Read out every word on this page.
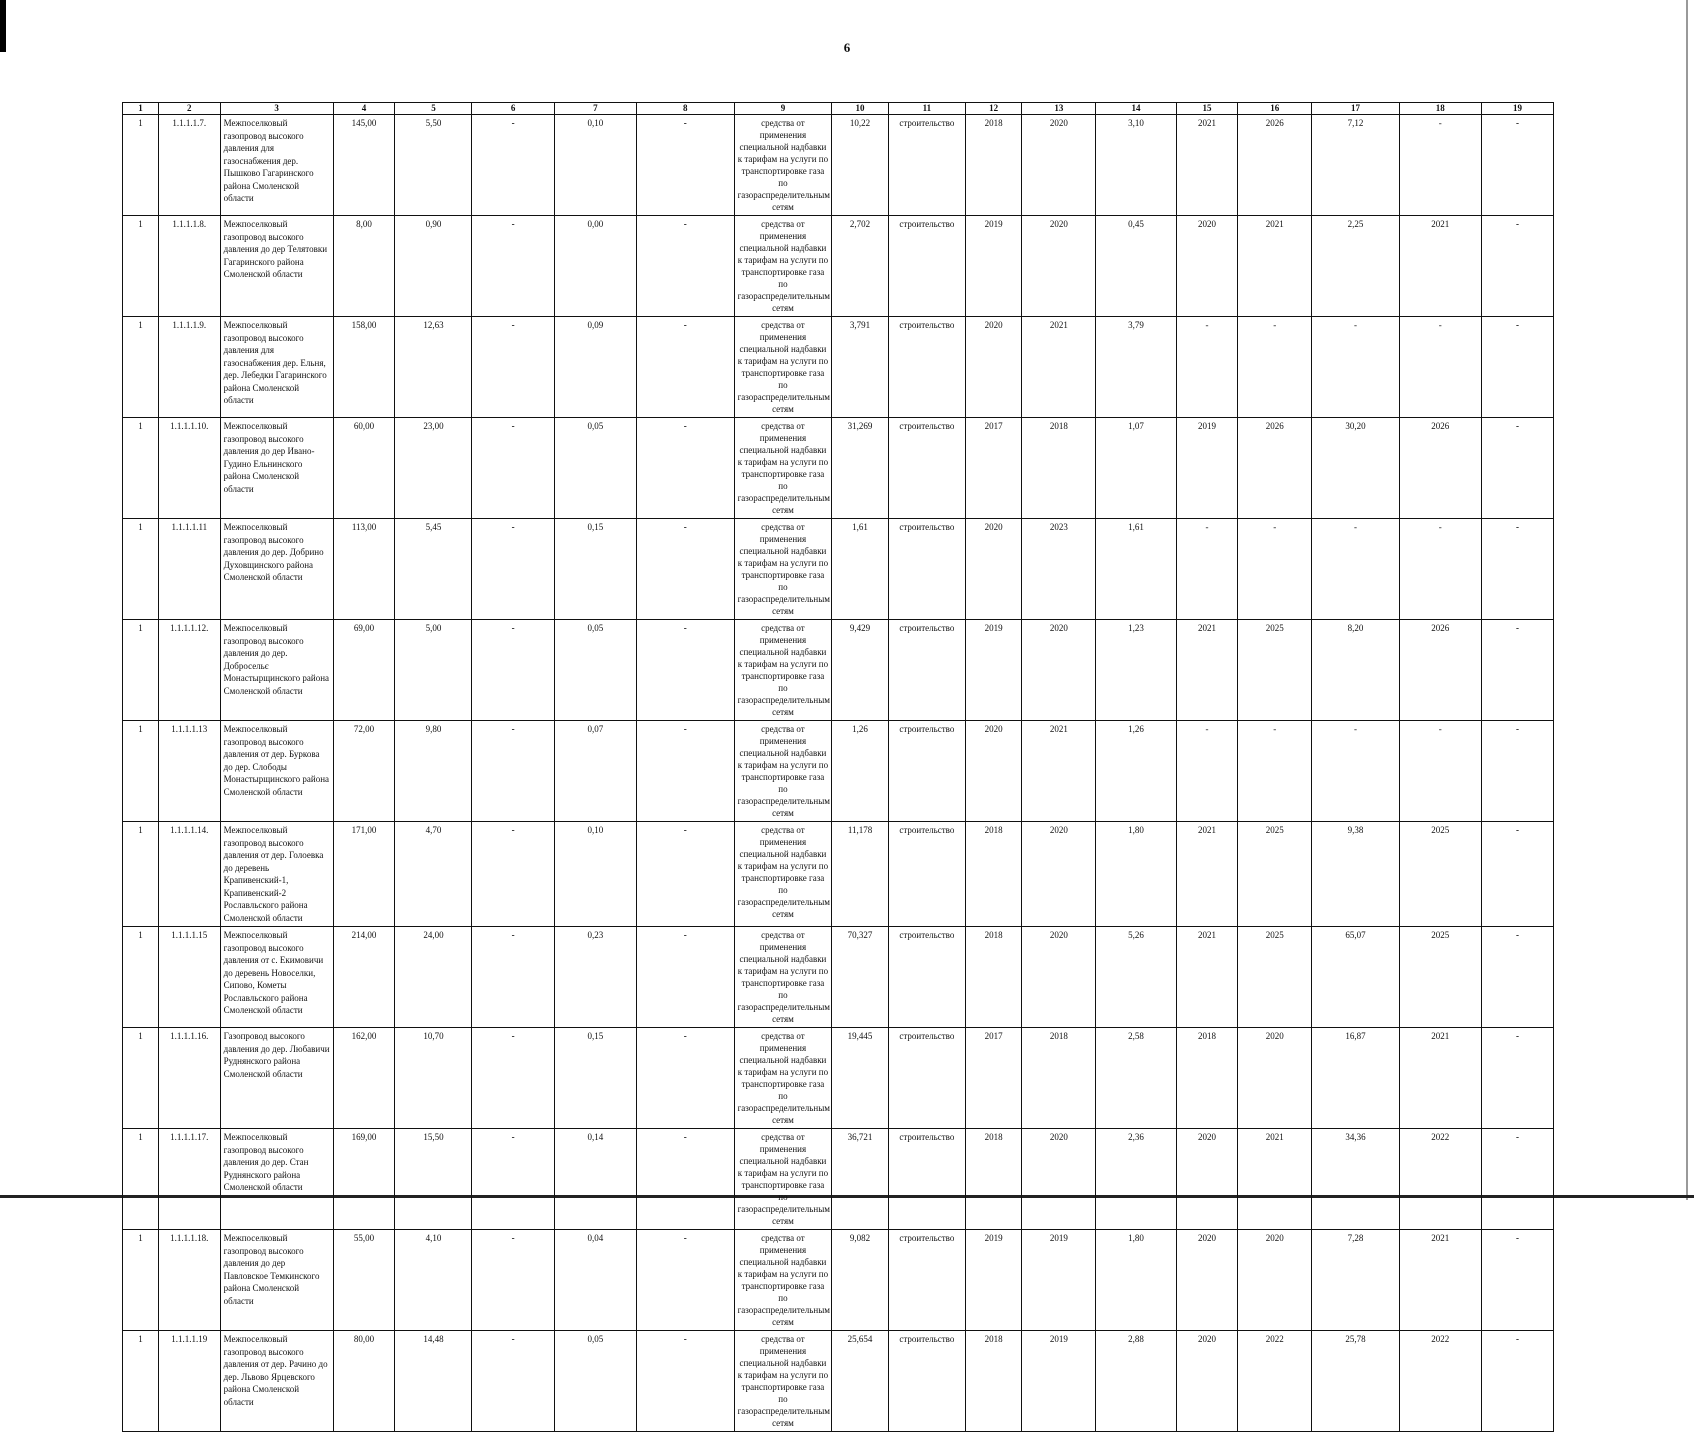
6
1	2	3	4	5	6	7	8	9	10	11	12	13	14	15	16	17	18	19
1	1.1.1.1.7.	Межпоселковый газопровод высокого давления для газоснабжения дер. Пышково Гагаринского района Смоленской области	145,00	5,50	-	0,10	-	средства от применения специальной надбавки к тарифам на услуги по транспортировке газа по газораспределительным сетям	10,22	строительство	2018	2020	3,10	2021	2026	7,12	-	-
1	1.1.1.1.8.	Межпоселковый газопровод высокого давления до дер Телятовки Гагаринского района Смоленской области	8,00	0,90	-	0,00	-	средства от применения специальной надбавки к тарифам на услуги по транспортировке газа по газораспределительным сетям	2,702	строительство	2019	2020	0,45	2020	2021	2,25	2021	-
1	1.1.1.1.9.	Межпоселковый газопровод высокого давления для газоснабжения дер. Ельня, дер. Лебедки Гагаринского района Смоленской области	158,00	12,63	-	0,09	-	средства от применения специальной надбавки к тарифам на услуги по транспортировке газа по газораспределительным сетям	3,791	строительство	2020	2021	3,79	-	-	-	-	-
1	1.1.1.1.10.	Межпоселковый газопровод высокого давления до дер Ивано-Гудино Ельнинского района Смоленской области	60,00	23,00	-	0,05	-	средства от применения специальной надбавки к тарифам на услуги по транспортировке газа по газораспределительным сетям	31,269	строительство	2017	2018	1,07	2019	2026	30,20	2026	-
1	1.1.1.1.11	Межпоселковый газопровод высокого давления до дер. Добрино Духовщинского района Смоленской области	113,00	5,45	-	0,15	-	средства от применения специальной надбавки к тарифам на услуги по транспортировке газа по газораспределительным сетям	1,61	строительство	2020	2023	1,61	-	-	-	-	-
1	1.1.1.1.12.	Межпоселковый газопровод высокого давления до дер. Добросельє Монастырщинского района Смоленской области	69,00	5,00	-	0,05	-	средства от применения специальной надбавки к тарифам на услуги по транспортировке газа по газораспределительным сетям	9,429	строительство	2019	2020	1,23	2021	2025	8,20	2026	-
1	1.1.1.1.13	Межпоселковый газопровод высокого давления от дер. Буркова до дер. Слободы Монастырщинского района Смоленской области	72,00	9,80	-	0,07	-	средства от применения специальной надбавки к тарифам на услуги по транспортировке газа по газораспределительным сетям	1,26	строительство	2020	2021	1,26	-	-	-	-	-
1	1.1.1.1.14.	Межпоселковый газопровод высокого давления от дер. Голоевка до деревень Крапивенский-1, Крапивенский-2 Рославльского района Смоленской области	171,00	4,70	-	0,10	-	средства от применения специальной надбавки к тарифам на услуги по транспортировке газа по газораспределительным сетям	11,178	строительство	2018	2020	1,80	2021	2025	9,38	2025	-
1	1.1.1.1.15	Межпоселковый газопровод высокого давления от с. Екимовичи до деревень Новоселки, Сипово, Кометы Рославльского района Смоленской области	214,00	24,00	-	0,23	-	средства от применения специальной надбавки к тарифам на услуги по транспортировке газа по газораспределительным сетям	70,327	строительство	2018	2020	5,26	2021	2025	65,07	2025	-
1	1.1.1.1.16.	Газопровод высокого давления до дер. Любавичи Руднянского района Смоленской области	162,00	10,70	-	0,15	-	средства от применения специальной надбавки к тарифам на услуги по транспортировке газа по газораспределительным сетям	19,445	строительство	2017	2018	2,58	2018	2020	16,87	2021	-
1	1.1.1.1.17.	Межпоселковый газопровод высокого давления до дер. Стан Руднянского района Смоленской области	169,00	15,50	-	0,14	-	средства от применения специальной надбавки к тарифам на услуги по транспортировке газа по газораспределительным сетям	36,721	строительство	2018	2020	2,36	2020	2021	34,36	2022	-
1	1.1.1.1.18.	Межпоселковый газопровод высокого давления до дер Павловское Темкинского района Смоленской области	55,00	4,10	-	0,04	-	средства от применения специальной надбавки к тарифам на услуги по транспортировке газа по газораспределительным сетям	9,082	строительство	2019	2019	1,80	2020	2020	7,28	2021	-
1	1.1.1.1.19	Межпоселковый газопровод высокого давления от дер. Рачино до дер. Львово Ярцевского района Смоленской области	80,00	14,48	-	0,05	-	средства от применения специальной надбавки к тарифам на услуги по транспортировке газа по газораспределительным сетям	25,654	строительство	2018	2019	2,88	2020	2022	25,78	2022	-
